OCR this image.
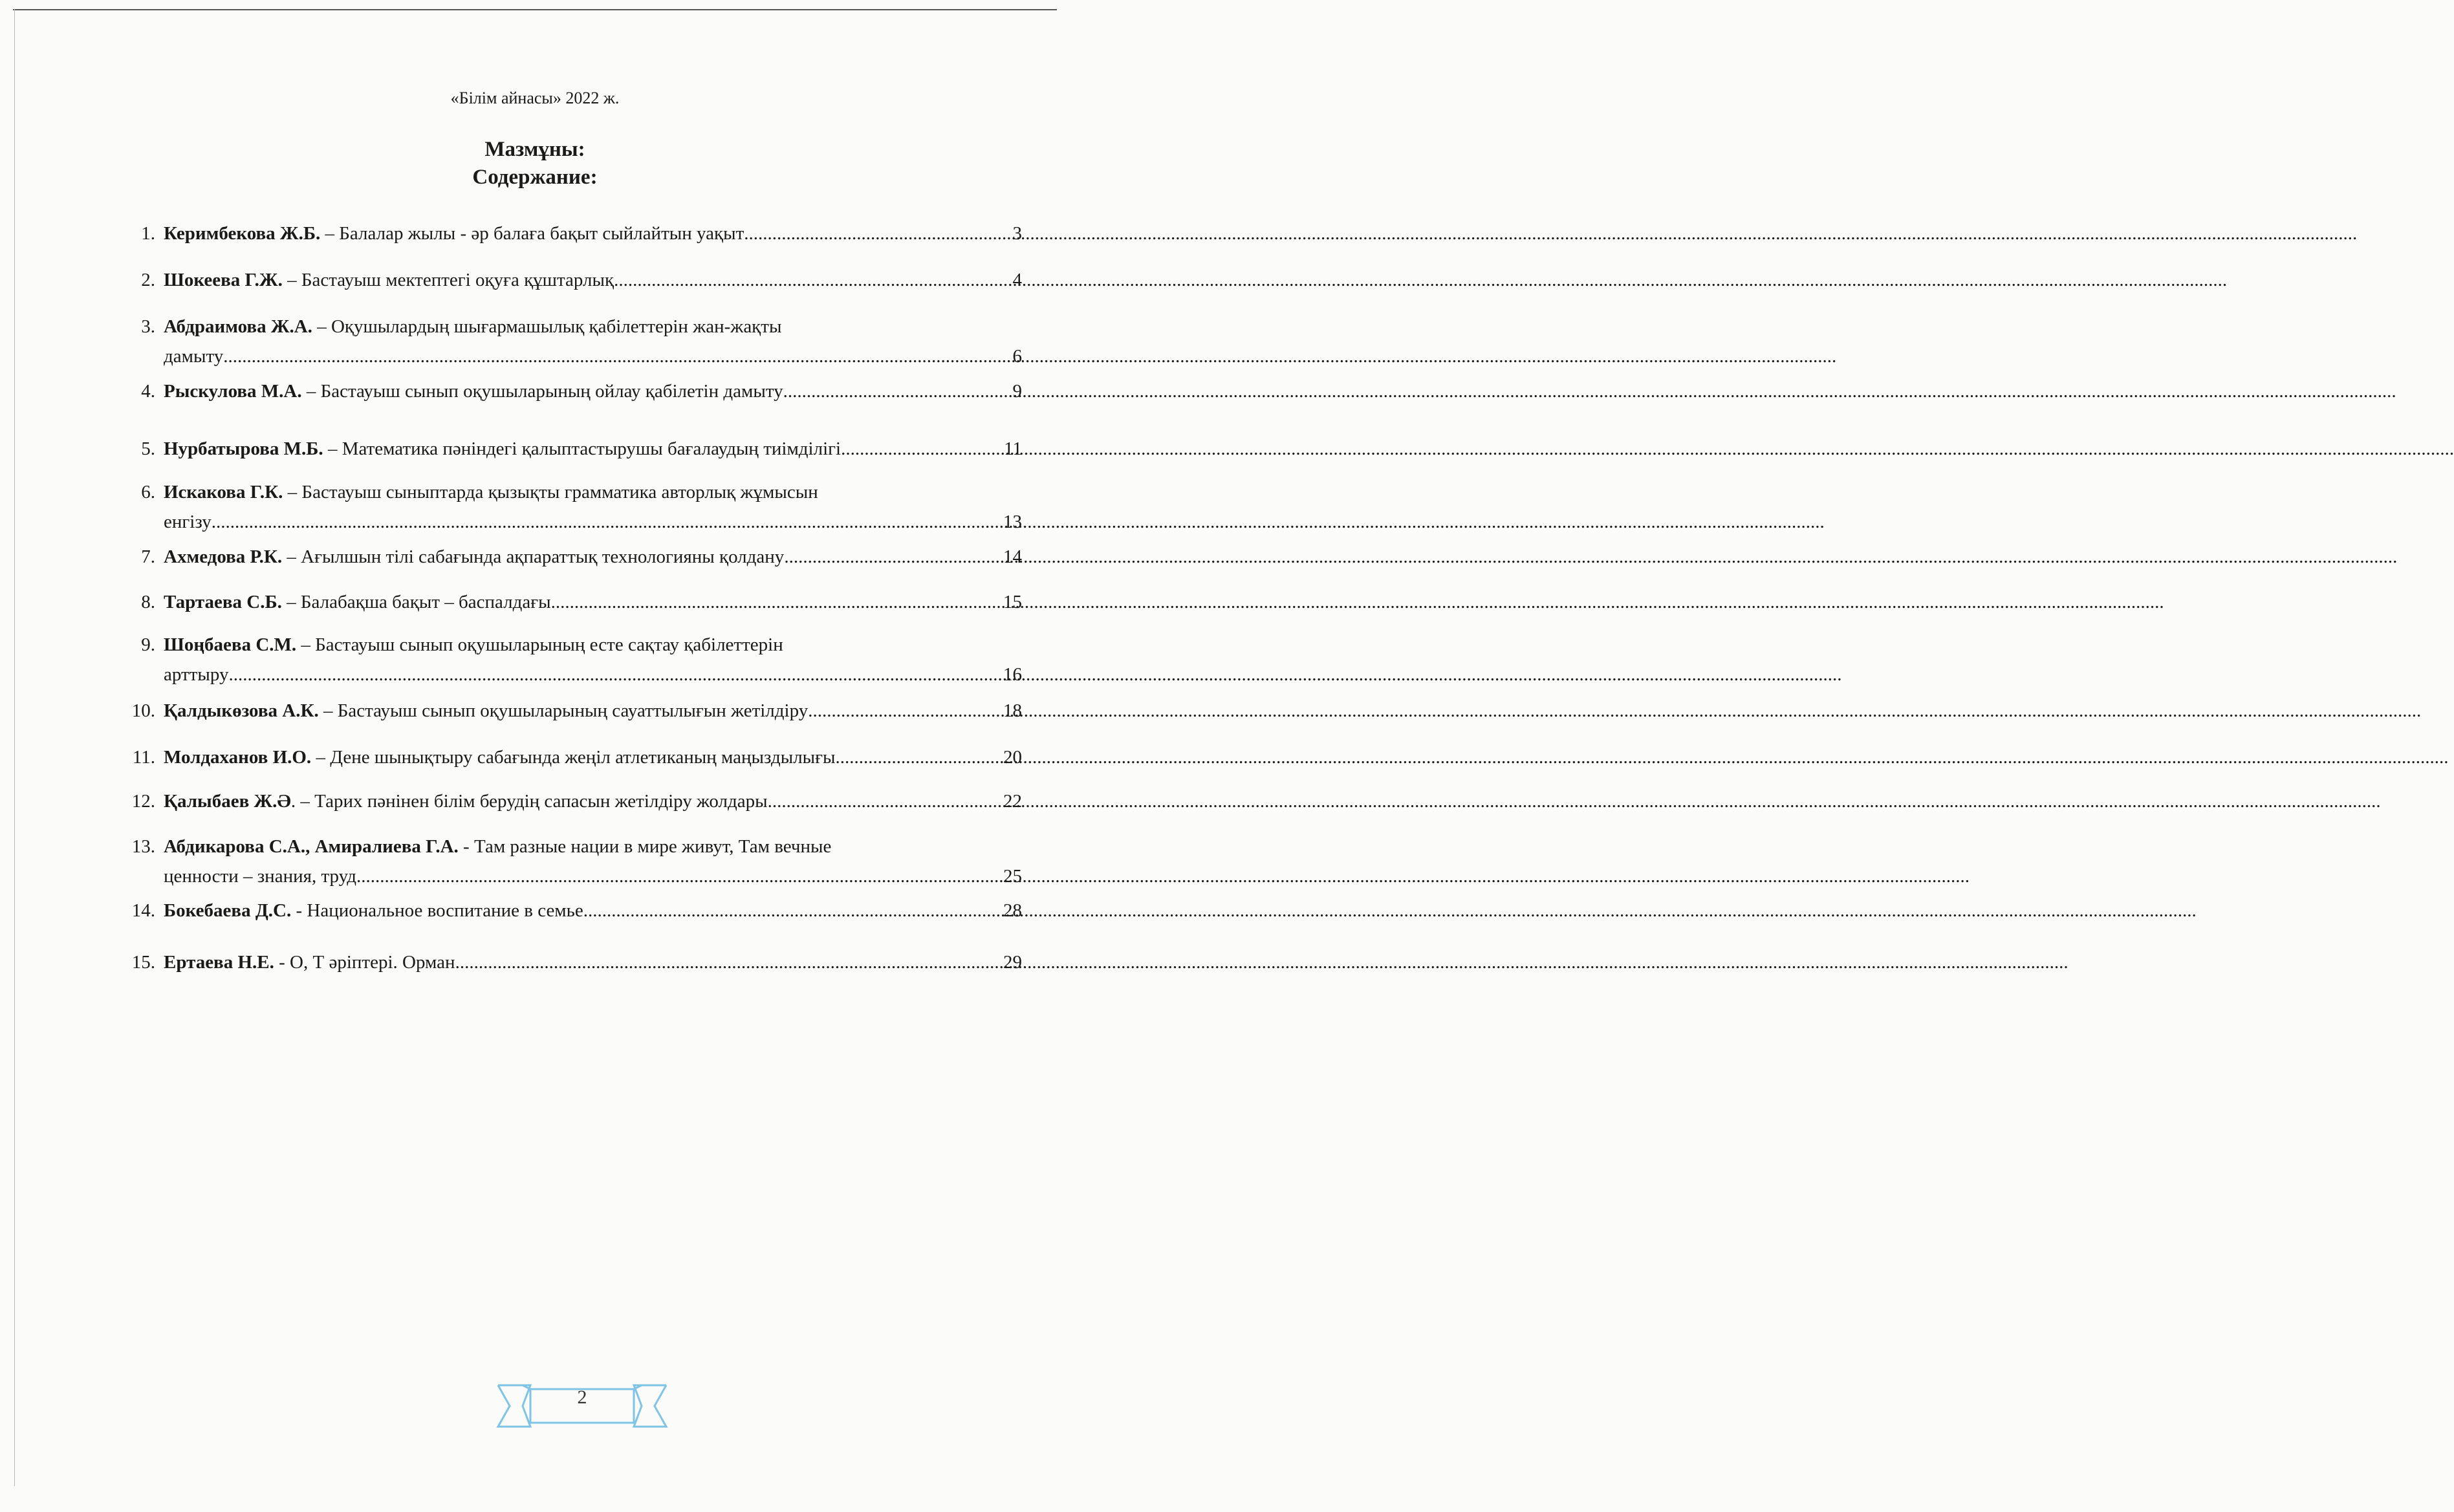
«Білім айнасы» 2022 ж.
Мазмұны:
Содержание:
1. Керимбекова Ж.Б. – Балалар жылы - әр балаға бақыт сыйлайтын уақыт .....	3
2. Шокеева Г.Ж. – Бастауыш мектептегі оқуға құштарлық .....	4
3. Абдраимова Ж.А. – Оқушылардың шығармашылық қабілеттерін жан-жақты
дамыту .....	6
4. Рыскулова М.А. – Бастауыш сынып оқушыларының ойлау қабілетін дамыту .....	9
5. Нурбатырова М.Б. – Математика пәніндегі қалыптастырушы бағалаудың тиімділігі .....	11
6. Искакова Г.К. – Бастауыш сыныптарда қызықты грамматика авторлық жұмысын
енгізу .....	13
7. Ахмедова Р.К. – Ағылшын тілі сабағында ақпараттық технологияны қолдану .....	14
8. Тартаева С.Б. – Балабақша бақыт – баспалдағы .....	15
9. Шоңбаева С.М. – Бастауыш сынып оқушыларының есте сақтау қабілеттерін
арттыру .....	16
10. Қалдыкөзова А.К. – Бастауыш сынып оқушыларының сауаттылығын жетілдіру .....	18
11. Молдаханов И.О. – Дене шынықтыру сабағында жеңіл атлетиканың маңыздылығы .....	20
12. Қалыбаев Ж.Ә. – Тарих пәнінен білім берудің сапасын жетілдіру жолдары .....	22
13. Абдикарова С.А., Амиралиева Г.А. - Там разные нации в мире живут, Там вечные
ценности – знания, труд .....	25
14. Бокебаева Д.С. - Национальное воспитание в семье .....	28
15. Ертаева Н.Е. - О, Т әріптері. Орман .....	29
2
